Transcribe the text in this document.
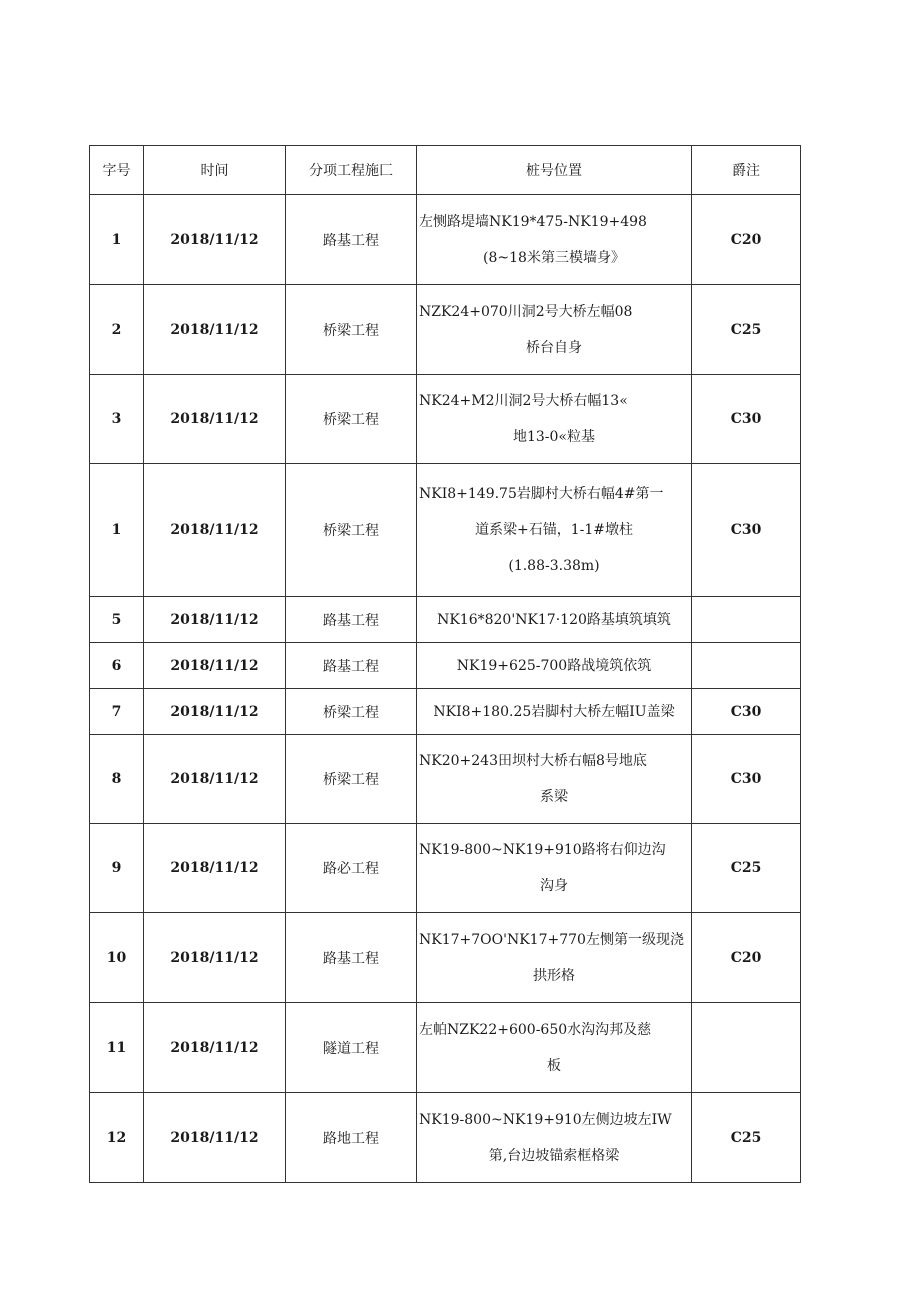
字号	时间	分项工程施匚	桩号位置	爵注
1	2018/11/12	路基工程	左恻路堤墙NK19*475-NK19+498
(8~18米第三模墙身》	C20
2	2018/11/12	桥梁工程	NZK24+070川洞2号大桥左幅08
桥台自身	C25
3	2018/11/12	桥梁工程	NK24+M2川洞2号大桥右幅13«
地13-0«粒基	C30
1	2018/11/12	桥梁工程	NKI8+149.75岩脚村大桥右幅4#第一
道系梁+石锚，1-1#墩柱
(1.88-3.38m)	C30
5	2018/11/12	路基工程	NK16*820'NK17·120路基填筑填筑	

6	2018/11/12	路基工程	NK19+625-700路战境筑依筑	

7	2018/11/12	桥梁工程	NKI8+180.25岩脚村大桥左幅IU盖梁	C30
8	2018/11/12	桥梁工程	NK20+243田坝村大桥右幅8号地底
系梁	C30
9	2018/11/12	路必工程	NK19-800~NK19+910路将右仰边沟
沟身	C25
10	2018/11/12	路基工程	NK17+7OO'NK17+770左恻第一级现浇
拱形格	C20
11	2018/11/12	隧道工程	左帕NZK22+600-650水沟沟邦及慈
板	

12	2018/11/12	路地工程	NK19-800~NK19+910左侧边坡左IW
第,台边坡锚索框格梁	C25
